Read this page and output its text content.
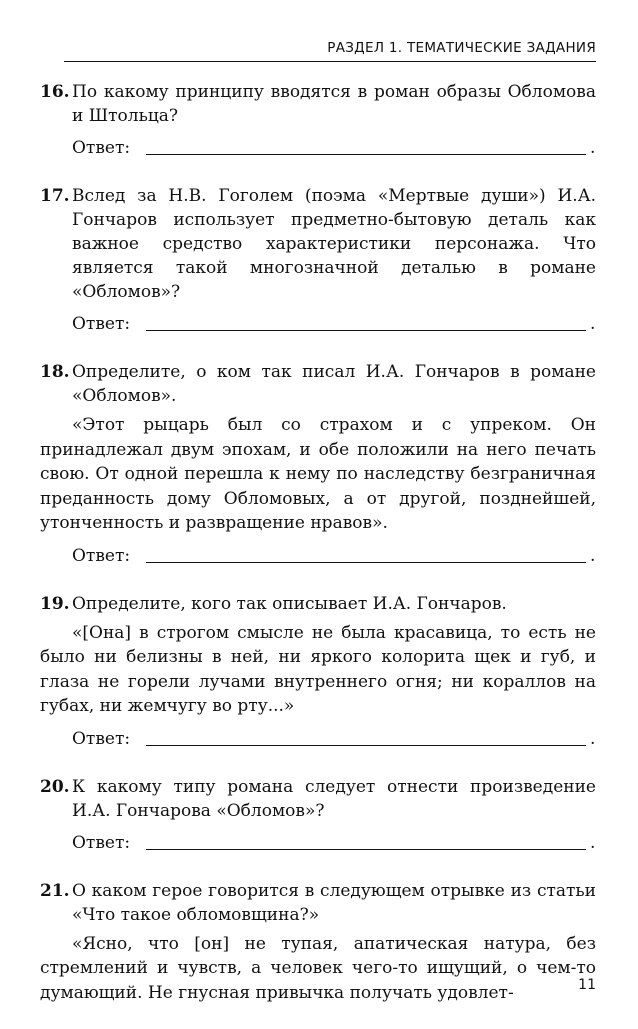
РАЗДЕЛ 1. ТЕМАТИЧЕСКИЕ ЗАДАНИЯ
16. По какому принципу вводятся в роман образы Обломова и Штольца?
Ответ:	.
17. Вслед за Н.В. Гоголем (поэма «Мертвые души») И.А. Гончаров использует предметно-бытовую деталь как важное средство характеристики персонажа. Что является такой многозначной деталью в романе «Обломов»?
Ответ:	.
18. Определите, о ком так писал И.А. Гончаров в романе «Обломов».
«Этот рыцарь был со страхом и с упреком. Он принадлежал двум эпохам, и обе положили на него печать свою. От одной перешла к нему по наследству безграничная преданность дому Обломовых, а от другой, позднейшей, утонченность и развращение нравов».
Ответ:	.
19. Определите, кого так описывает И.А. Гончаров.
«[Она] в строгом смысле не была красавица, то есть не было ни белизны в ней, ни яркого колорита щек и губ, и глаза не горели лучами внутреннего огня; ни кораллов на губах, ни жемчугу во рту...»
Ответ:	.
20. К какому типу романа следует отнести произведение И.А. Гончарова «Обломов»?
Ответ:	.
21. О каком герое говорится в следующем отрывке из статьи «Что такое обломовщина?»
«Ясно, что [он] не тупая, апатическая натура, без стремлений и чувств, а человек чего-то ищущий, о чем-то думающий. Не гнусная привычка получать удовлет-	11
